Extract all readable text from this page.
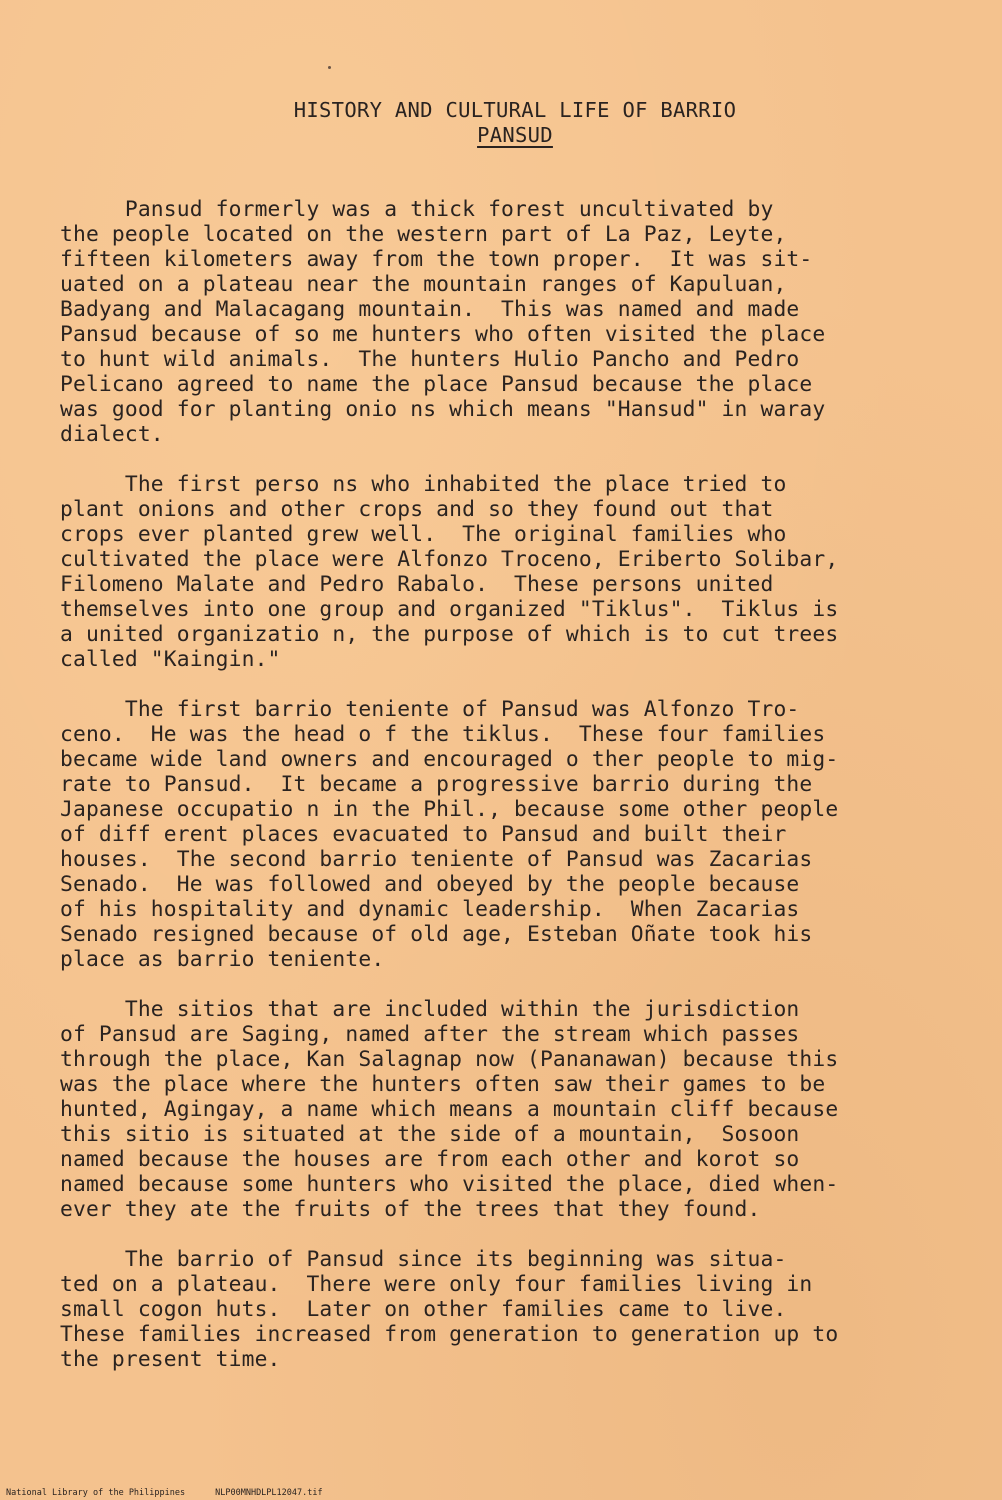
HISTORY AND CULTURAL LIFE OF BARRIO
PANSUD
Pansud formerly was a thick forest uncultivated by
the people located on the western part of La Paz, Leyte,
fifteen kilometers away from the town proper.  It was sit-
uated on a plateau near the mountain ranges of Kapuluan,
Badyang and Malacagang mountain.  This was named and made
Pansud because of so me hunters who often visited the place
to hunt wild animals.  The hunters Hulio Pancho and Pedro
Pelicano agreed to name the place Pansud because the place
was good for planting onio ns which means "Hansud" in waray
dialect.
The first perso ns who inhabited the place tried to
plant onions and other crops and so they found out that
crops ever planted grew well.  The original families who
cultivated the place were Alfonzo Troceno, Eriberto Solibar,
Filomeno Malate and Pedro Rabalo.  These persons united
themselves into one group and organized "Tiklus".  Tiklus is
a united organizatio n, the purpose of which is to cut trees
called "Kaingin."
The first barrio teniente of Pansud was Alfonzo Tro-
ceno.  He was the head o f the tiklus.  These four families
became wide land owners and encouraged o ther people to mig-
rate to Pansud.  It became a progressive barrio during the
Japanese occupatio n in the Phil., because some other people
of diff erent places evacuated to Pansud and built their
houses.  The second barrio teniente of Pansud was Zacarias
Senado.  He was followed and obeyed by the people because
of his hospitality and dynamic leadership.  When Zacarias
Senado resigned because of old age, Esteban Oñate took his
place as barrio teniente.
The sitios that are included within the jurisdiction
of Pansud are Saging, named after the stream which passes
through the place, Kan Salagnap now (Pananawan) because this
was the place where the hunters often saw their games to be
hunted, Agingay, a name which means a mountain cliff because
this sitio is situated at the side of a mountain,  Sosoon
named because the houses are from each other and korot so
named because some hunters who visited the place, died when-
ever they ate the fruits of the trees that they found.
The barrio of Pansud since its beginning was situa-
ted on a plateau.  There were only four families living in
small cogon huts.  Later on other families came to live.
These families increased from generation to generation up to
the present time.
National Library of the Philippines	NLP00MNHDLPL12047.tif
